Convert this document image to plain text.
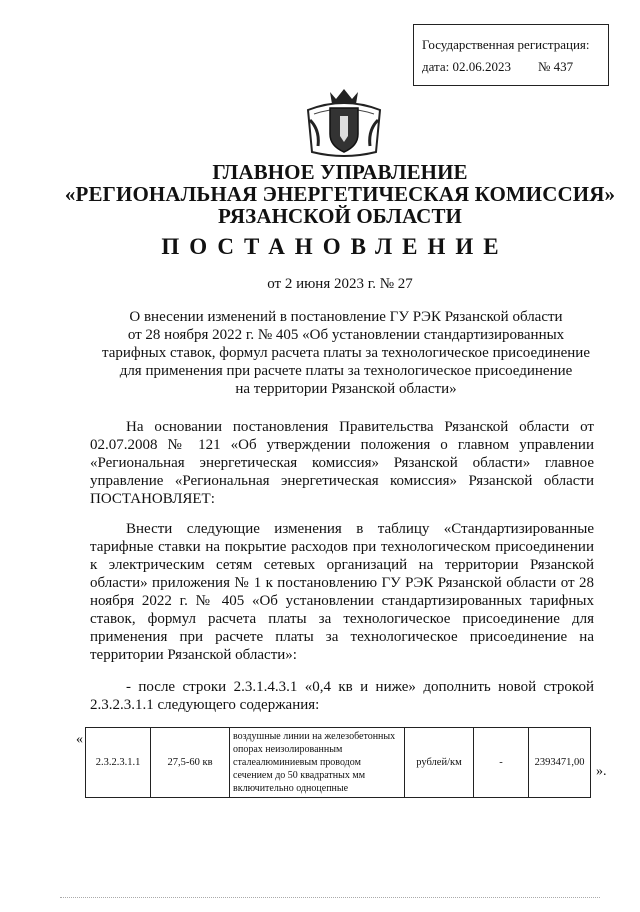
Государственная регистрация:
дата: 02.06.2023 № 437
ГЛАВНОЕ УПРАВЛЕНИЕ
«РЕГИОНАЛЬНАЯ ЭНЕРГЕТИЧЕСКАЯ КОМИССИЯ»
РЯЗАНСКОЙ ОБЛАСТИ
ПОСТАНОВЛЕНИЕ
от 2 июня 2023 г. № 27
О внесении изменений в постановление ГУ РЭК Рязанской области
от 28 ноября 2022 г. № 405 «Об установлении стандартизированных
тарифных ставок, формул расчета платы за технологическое присоединение
для применения при расчете платы за технологическое присоединение
на территории Рязанской области»
На основании постановления Правительства Рязанской области от 02.07.2008 № 121 «Об утверждении положения о главном управлении «Региональная энергетическая комиссия» Рязанской области» главное управление «Региональная энергетическая комиссия» Рязанской области ПОСТАНОВЛЯЕТ:
Внести следующие изменения в таблицу «Стандартизированные тарифные ставки на покрытие расходов при технологическом присоединении к электрическим сетям сетевых организаций на территории Рязанской области» приложения № 1 к постановлению ГУ РЭК Рязанской области от 28 ноября 2022 г. № 405 «Об установлении стандартизированных тарифных ставок, формул расчета платы за технологическое присоединение для применения при расчете платы за технологическое присоединение на территории Рязанской области»:
- после строки 2.3.1.4.3.1 «0,4 кв и ниже» дополнить новой строкой 2.3.2.3.1.1 следующего содержания:
«
2.3.2.3.1.1	27,5-60 кв	воздушные линии на железобетонных опорах неизолированным сталеалюминиевым проводом сечением до 50 квадратных мм включительно одноцепные	рублей/км	-	2393471,00
».
